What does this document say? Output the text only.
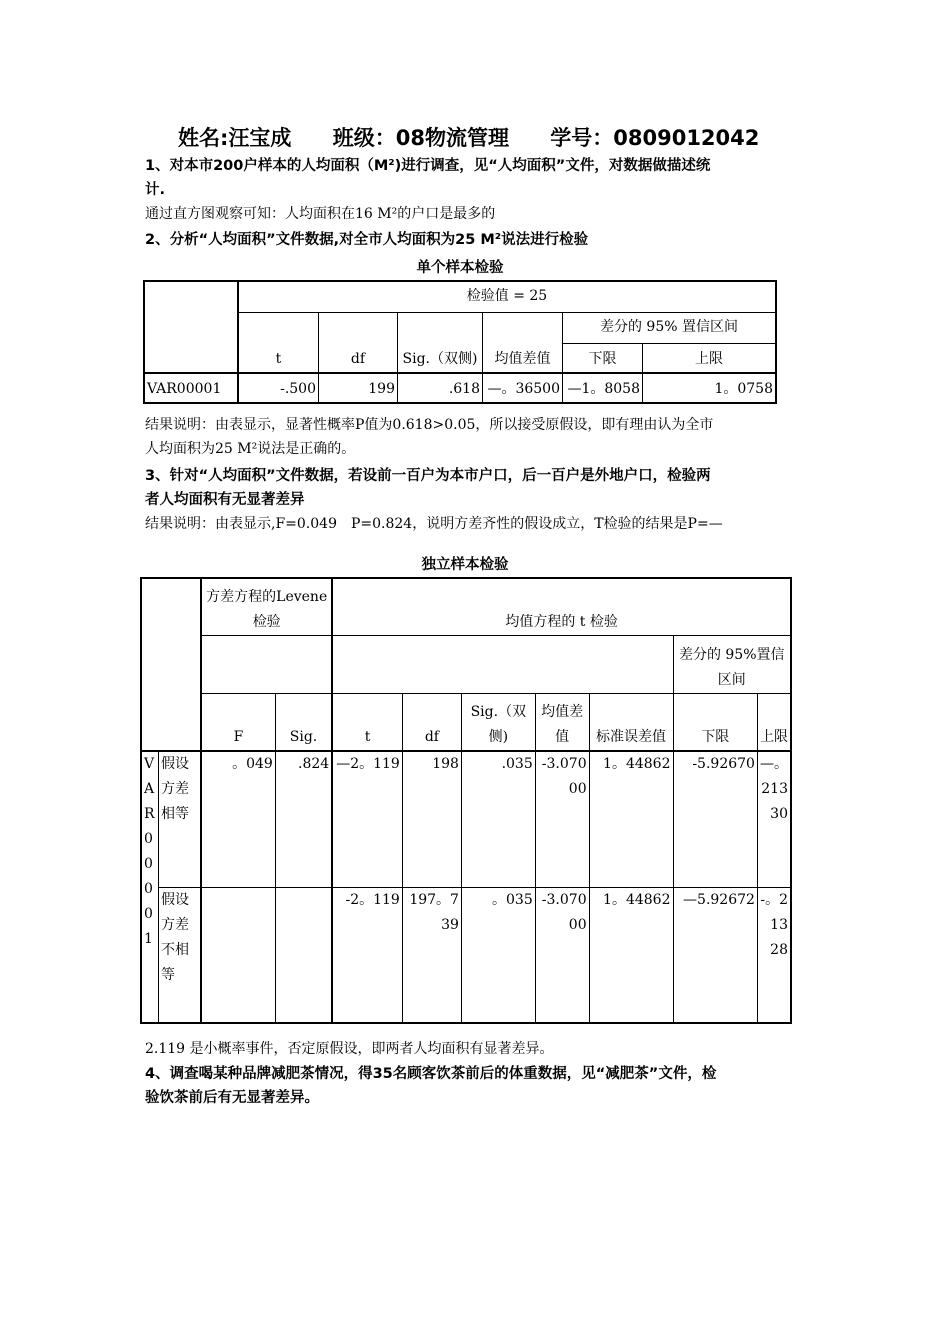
姓名:汪宝成 班级：08物流管理 学号：0809012042
1、对本市200户样本的人均面积（M²)进行调查，见“人均面积”文件，对数据做描述统
计.
通过直方图观察可知：人均面积在16 M²的户口是最多的
2、分析“人均面积”文件数据,对全市人均面积为25 M²说法进行检验
单个样本检验
	检验值 = 25					
	t	df	Sig.（双侧)	均值差值	差分的 95% 置信区间	
					下限	上限
VAR00001	-.500	199	.618	—。36500	—1。8058	1。0758
结果说明：由表显示，显著性概率P值为0.618>0.05，所以接受原假设，即有理由认为全市
人均面积为25 M²说法是正确的。
3、针对“人均面积”文件数据，若设前一百户为本市户口，后一百户是外地户口，检验两
者人均面积有无显著差异
结果说明：由表显示,F=0.049　P=0.824，说明方差齐性的假设成立，T检验的结果是P=—
独立样本检验
		方差方程的Levene 检验		均值方程的 t 检验						
									差分的 95%置信区间	
		F	Sig.	t	df	Sig.（双侧)	均值差值	标准误差值	下限	上限
VAR00001	假设方差相等	。049	.824	—2。119	198	.035	-3.07000	1。44862	-5.92670	—。21330
	假设方差不相等			-2。119	197。739	。035	-3.07000	1。44862	—5.92672	-。213 28
2.119 是小概率事件，否定原假设，即两者人均面积有显著差异。
4、调查喝某种品牌减肥茶情况，得35名顾客饮茶前后的体重数据，见“减肥茶”文件，检
验饮茶前后有无显著差异。
